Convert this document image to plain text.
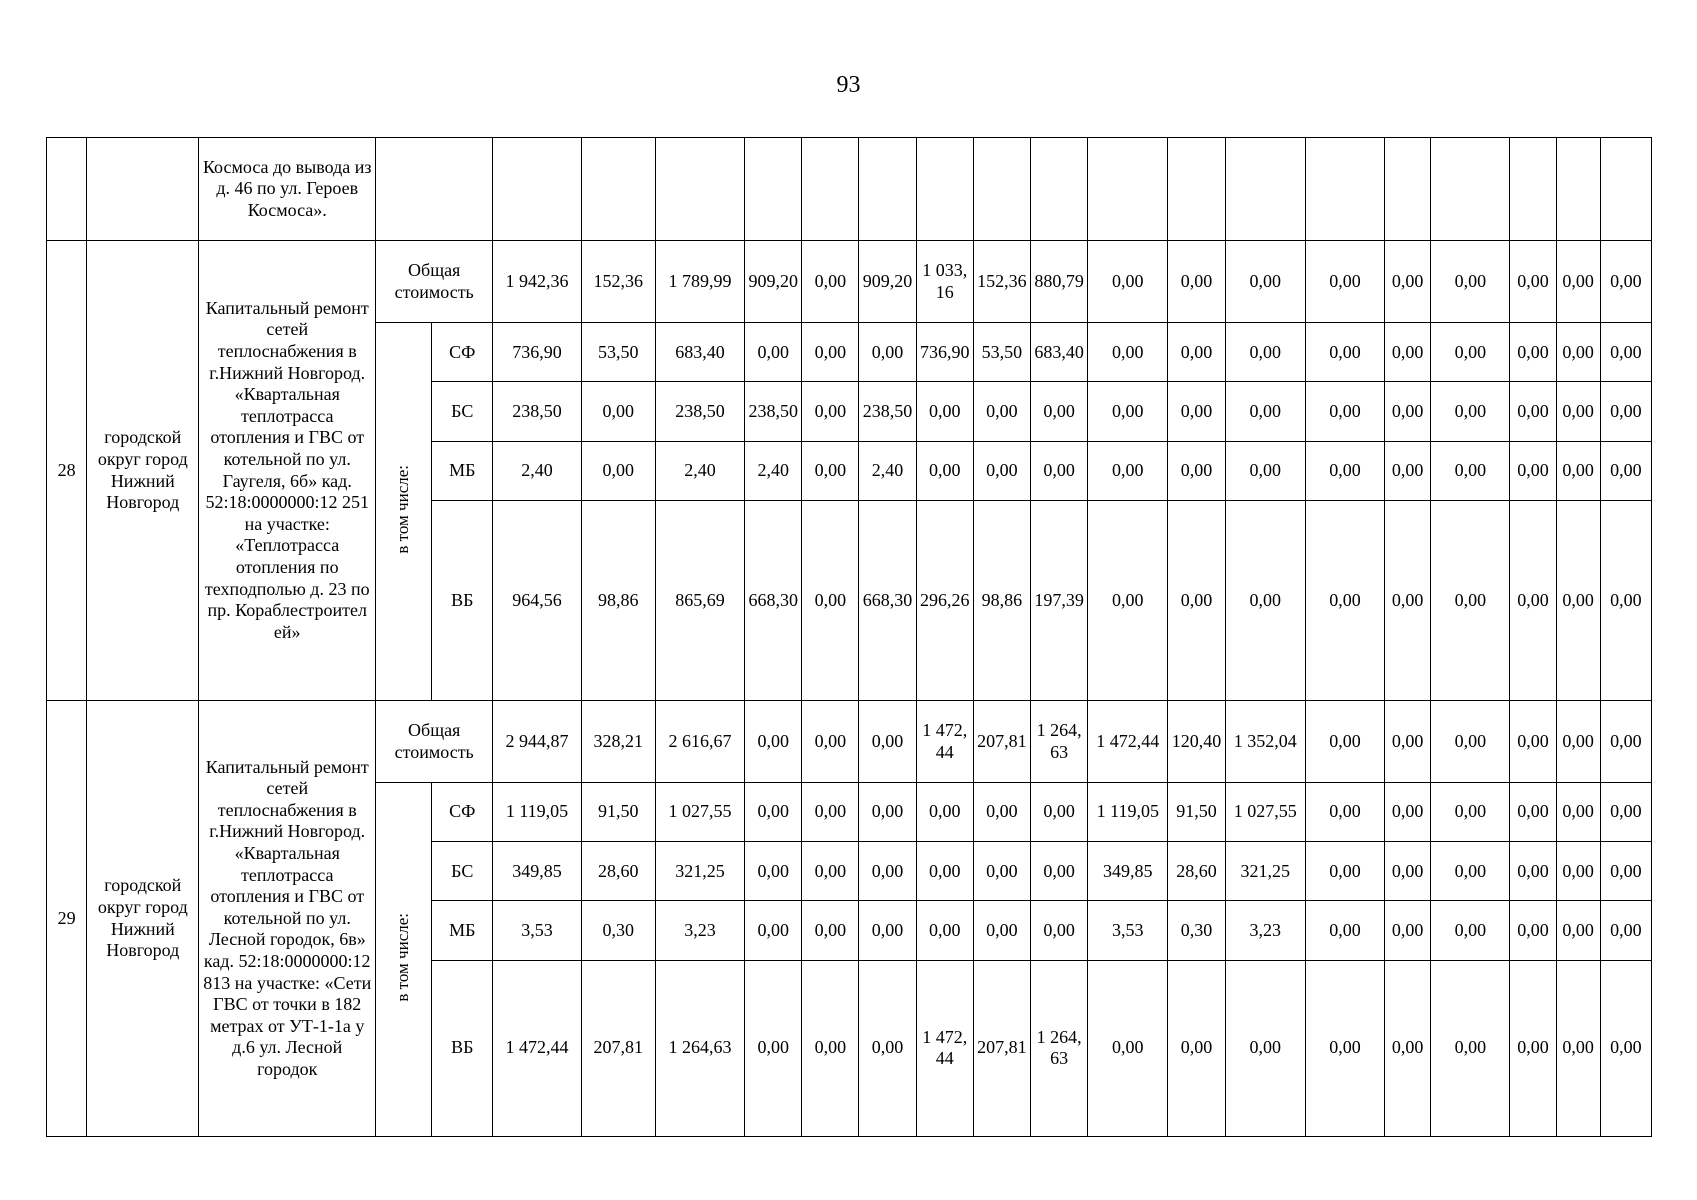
93
		Космоса до вывода из д. 46 по ул. Героев Космоса».																				
28	городской округ город Нижний Новгород	Капитальный ремонт сетей теплоснабжения в г.Нижний Новгород. «Квартальная теплотрасса отопления и ГВС от котельной по ул. Гаугеля, 6б» кад. 52:18:0000000:12 251 на участке: «Теплотрасса отопления по техподполью д. 23 по пр. Кораблестроител ей»	Общая стоимость		1 942,36	152,36	1 789,99	909,20	0,00	909,20	1 033,16	152,36	880,79	0,00	0,00	0,00	0,00	0,00	0,00	0,00	0,00	0,00
			в том числе:	СФ	736,90	53,50	683,40	0,00	0,00	0,00	736,90	53,50	683,40	0,00	0,00	0,00	0,00	0,00	0,00	0,00	0,00	0,00
				БС	238,50	0,00	238,50	238,50	0,00	238,50	0,00	0,00	0,00	0,00	0,00	0,00	0,00	0,00	0,00	0,00	0,00	0,00
				МБ	2,40	0,00	2,40	2,40	0,00	2,40	0,00	0,00	0,00	0,00	0,00	0,00	0,00	0,00	0,00	0,00	0,00	0,00
				ВБ	964,56	98,86	865,69	668,30	0,00	668,30	296,26	98,86	197,39	0,00	0,00	0,00	0,00	0,00	0,00	0,00	0,00	0,00
29	городской округ город Нижний Новгород	Капитальный ремонт сетей теплоснабжения в г.Нижний Новгород. «Квартальная теплотрасса отопления и ГВС от котельной по ул. Лесной городок, 6в» кад. 52:18:0000000:12 813 на участке: «Сети ГВС от точки в 182 метрах от УТ-1-1а у д.6 ул. Лесной городок	Общая стоимость		2 944,87	328,21	2 616,67	0,00	0,00	0,00	1 472,44	207,81	1 264,63	1 472,44	120,40	1 352,04	0,00	0,00	0,00	0,00	0,00	0,00
			в том числе:	СФ	1 119,05	91,50	1 027,55	0,00	0,00	0,00	0,00	0,00	0,00	1 119,05	91,50	1 027,55	0,00	0,00	0,00	0,00	0,00	0,00
				БС	349,85	28,60	321,25	0,00	0,00	0,00	0,00	0,00	0,00	349,85	28,60	321,25	0,00	0,00	0,00	0,00	0,00	0,00
				МБ	3,53	0,30	3,23	0,00	0,00	0,00	0,00	0,00	0,00	3,53	0,30	3,23	0,00	0,00	0,00	0,00	0,00	0,00
				ВБ	1 472,44	207,81	1 264,63	0,00	0,00	0,00	1 472,44	207,81	1 264,63	0,00	0,00	0,00	0,00	0,00	0,00	0,00	0,00	0,00
